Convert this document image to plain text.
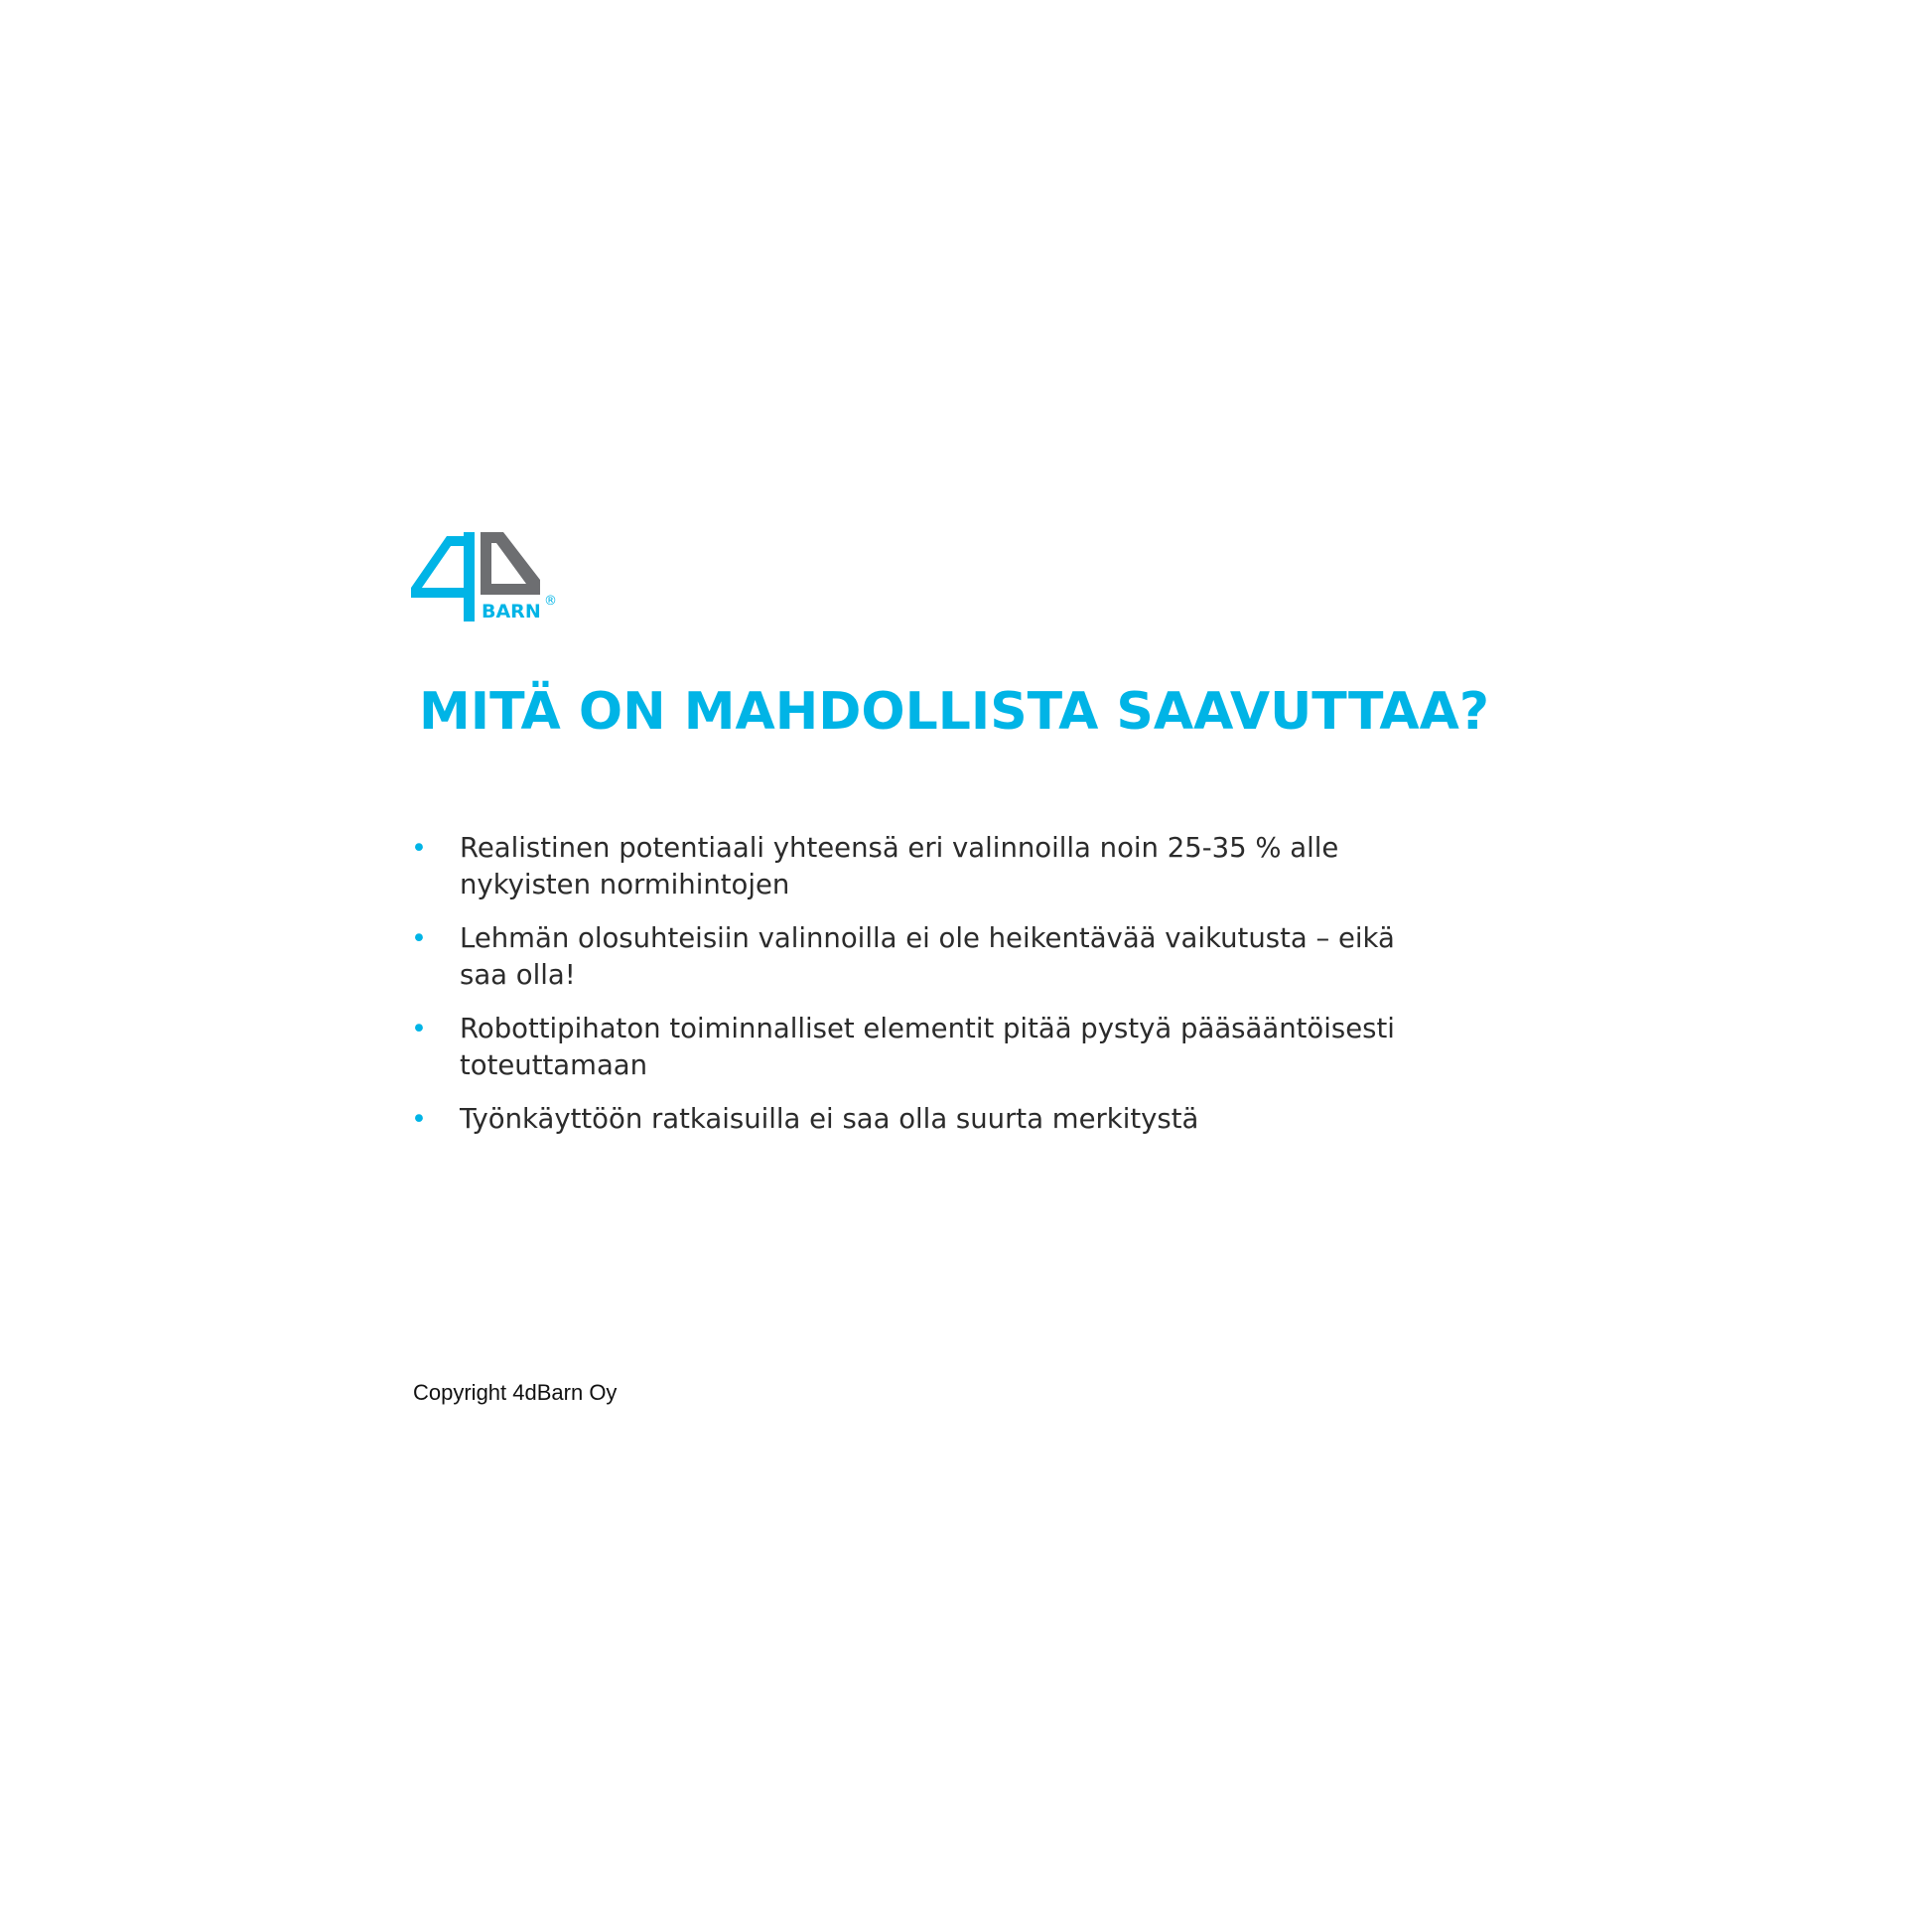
BARN ®
MITÄ ON MAHDOLLISTA SAAVUTTAA?
• Realistinen potentiaali yhteensä eri valinnoilla noin 25-35 % alle
nykyisten normihintojen
• Lehmän olosuhteisiin valinnoilla ei ole heikentävää vaikutusta – eikä
saa olla!
• Robottipihaton toiminnalliset elementit pitää pystyä pääsääntöisesti
toteuttamaan
• Työnkäyttöön ratkaisuilla ei saa olla suurta merkitystä
Copyright 4dBarn Oy
